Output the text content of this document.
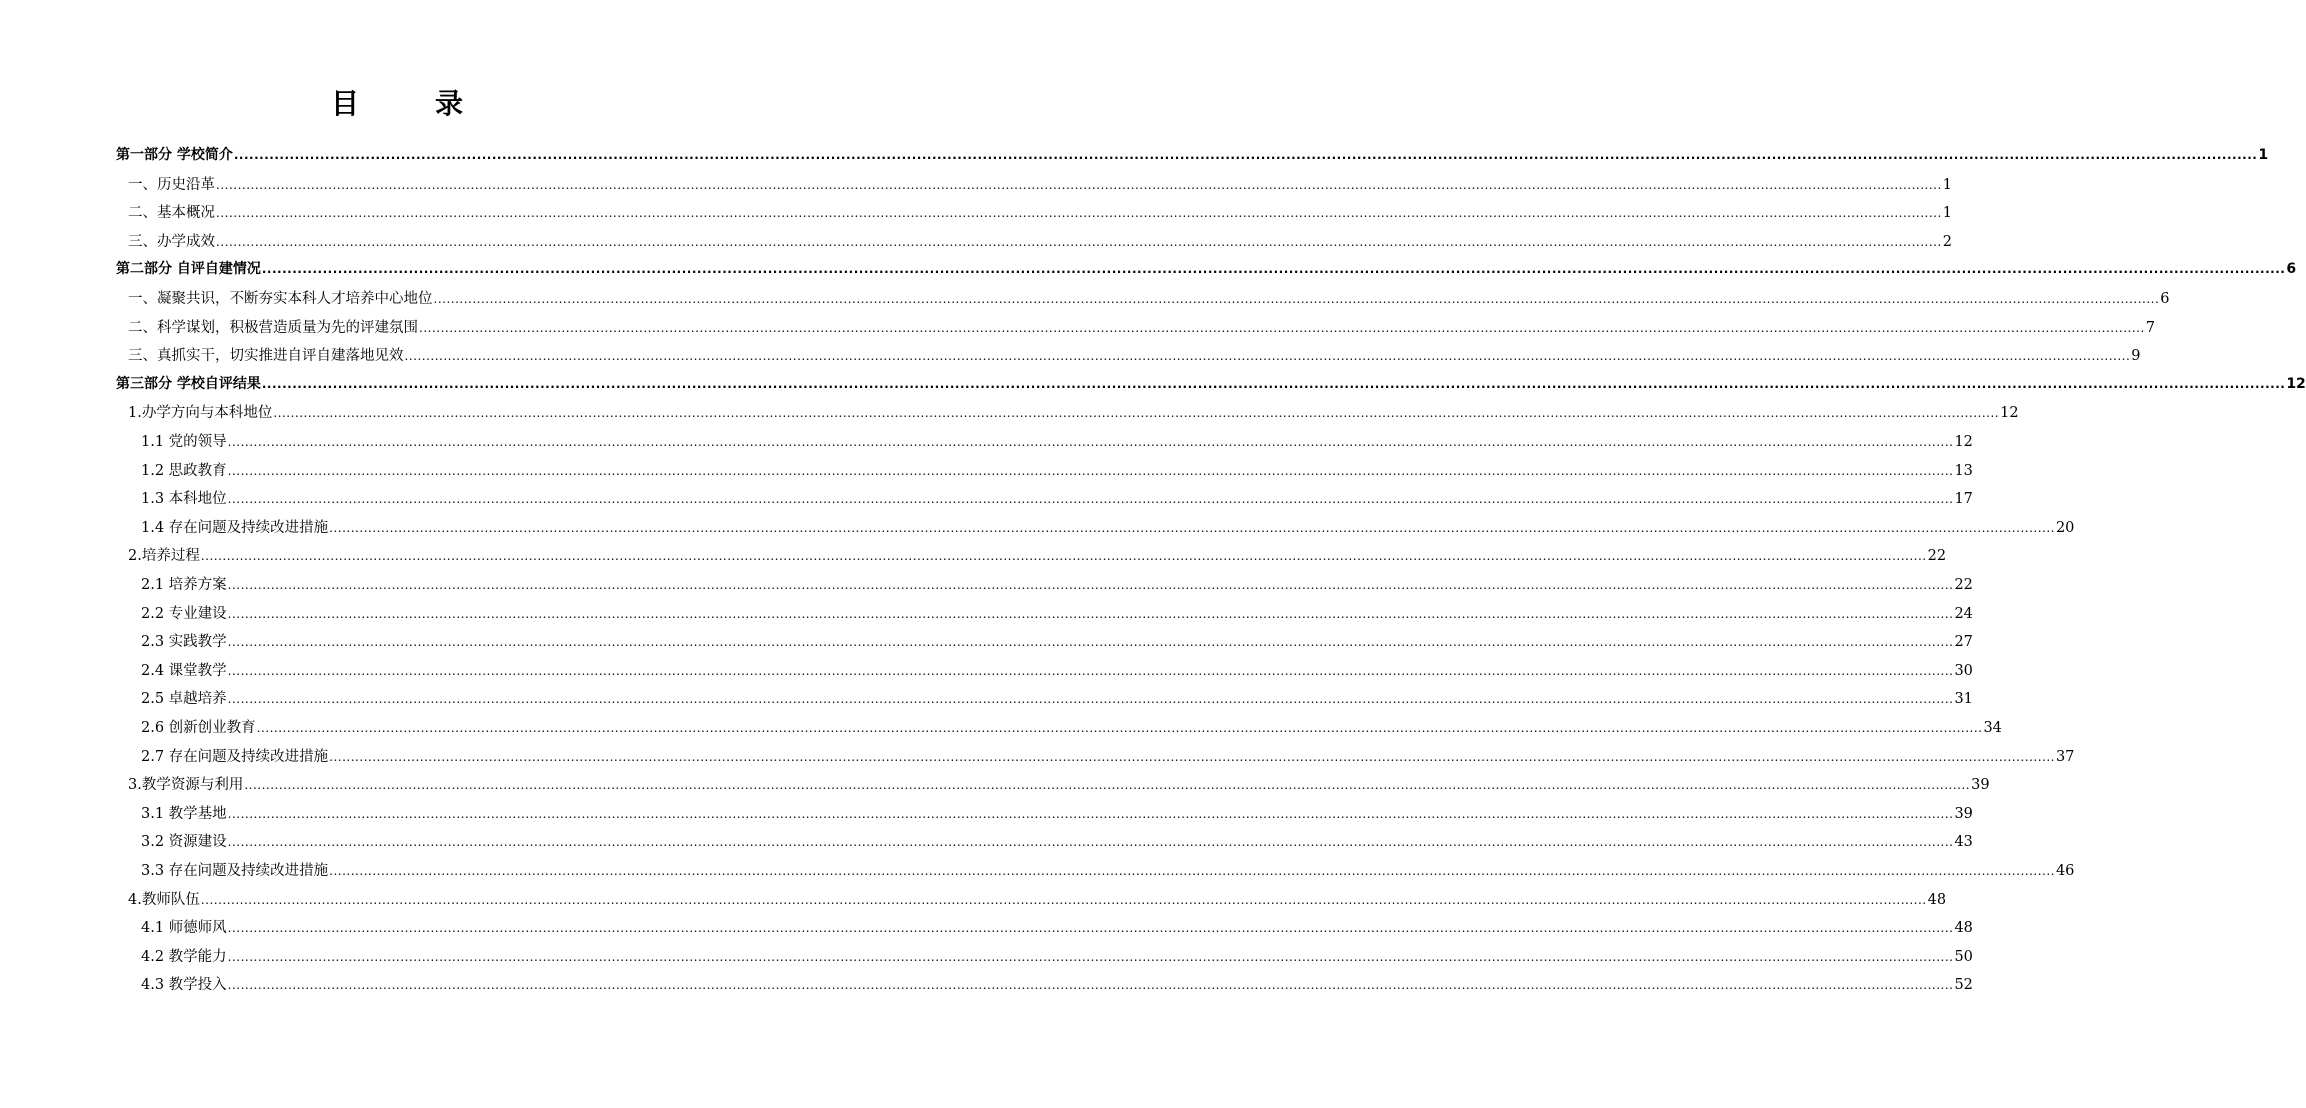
目　录
第一部分 学校简介 ................................................................................................................................................................................................................................................................................................................................................................................................................ 1
一、历史沿革 ................................................................................................................................................................................................................................................................................................................................................................................................................ 1
二、基本概况 ................................................................................................................................................................................................................................................................................................................................................................................................................ 1
三、办学成效 ................................................................................................................................................................................................................................................................................................................................................................................................................ 2
第二部分 自评自建情况 ................................................................................................................................................................................................................................................................................................................................................................................................................ 6
一、凝聚共识，不断夯实本科人才培养中心地位 ................................................................................................................................................................................................................................................................................................................................................................................................................ 6
二、科学谋划，积极营造质量为先的评建氛围 ................................................................................................................................................................................................................................................................................................................................................................................................................ 7
三、真抓实干，切实推进自评自建落地见效 ................................................................................................................................................................................................................................................................................................................................................................................................................ 9
第三部分 学校自评结果 ................................................................................................................................................................................................................................................................................................................................................................................................................ 12
1.办学方向与本科地位 ................................................................................................................................................................................................................................................................................................................................................................................................................ 12
1.1 党的领导 ................................................................................................................................................................................................................................................................................................................................................................................................................ 12
1.2 思政教育 ................................................................................................................................................................................................................................................................................................................................................................................................................ 13
1.3 本科地位 ................................................................................................................................................................................................................................................................................................................................................................................................................ 17
1.4 存在问题及持续改进措施 ................................................................................................................................................................................................................................................................................................................................................................................................................ 20
2.培养过程 ................................................................................................................................................................................................................................................................................................................................................................................................................ 22
2.1 培养方案 ................................................................................................................................................................................................................................................................................................................................................................................................................ 22
2.2 专业建设 ................................................................................................................................................................................................................................................................................................................................................................................................................ 24
2.3 实践教学 ................................................................................................................................................................................................................................................................................................................................................................................................................ 27
2.4 课堂教学 ................................................................................................................................................................................................................................................................................................................................................................................................................ 30
2.5 卓越培养 ................................................................................................................................................................................................................................................................................................................................................................................................................ 31
2.6 创新创业教育 ................................................................................................................................................................................................................................................................................................................................................................................................................ 34
2.7 存在问题及持续改进措施 ................................................................................................................................................................................................................................................................................................................................................................................................................ 37
3.教学资源与利用 ................................................................................................................................................................................................................................................................................................................................................................................................................ 39
3.1 教学基地 ................................................................................................................................................................................................................................................................................................................................................................................................................ 39
3.2 资源建设 ................................................................................................................................................................................................................................................................................................................................................................................................................ 43
3.3 存在问题及持续改进措施 ................................................................................................................................................................................................................................................................................................................................................................................................................ 46
4.教师队伍 ................................................................................................................................................................................................................................................................................................................................................................................................................ 48
4.1 师德师风 ................................................................................................................................................................................................................................................................................................................................................................................................................ 48
4.2 教学能力 ................................................................................................................................................................................................................................................................................................................................................................................................................ 50
4.3 教学投入 ................................................................................................................................................................................................................................................................................................................................................................................................................ 52
